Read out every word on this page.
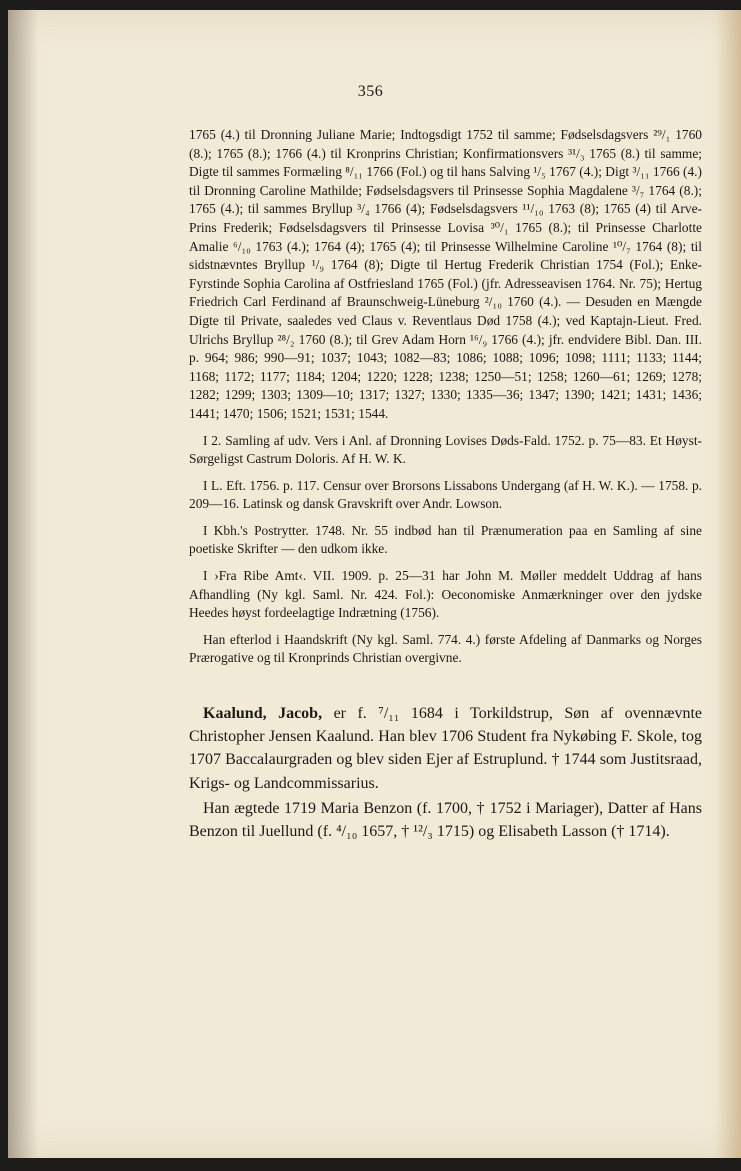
356

1765 (4.) til Dronning Juliane Marie; Indtogsdigt 1752 til samme; Fødselsdagsvers ²⁹/₁ 1760 (8.); 1765 (8.); 1766 (4.) til Kronprins Christian; Konfirmationsvers ³¹/₃ 1765 (8.) til samme; Digte til sammes Formæling ⁸/₁₁ 1766 (Fol.) og til hans Salving ¹/₅ 1767 (4.); Digt ³/₁₁ 1766 (4.) til Dronning Caroline Mathilde; Fødselsdagsvers til Prinsesse Sophia Magdalene ³/₇ 1764 (8.); 1765 (4.); til sammes Bryllup ³/₄ 1766 (4); Fødselsdagsvers ¹¹/₁₀ 1763 (8); 1765 (4) til Arve-Prins Frederik; Fødselsdagsvers til Prinsesse Lovisa ³⁰/₁ 1765 (8.); til Prinsesse Charlotte Amalie ⁶/₁₀ 1763 (4.); 1764 (4); 1765 (4); til Prinsesse Wilhelmine Caroline ¹⁰/₇ 1764 (8); til sidstnævntes Bryllup ¹/₉ 1764 (8); Digte til Hertug Frederik Christian 1754 (Fol.); Enke-Fyrstinde Sophia Carolina af Ostfriesland 1765 (Fol.) (jfr. Adresseavisen 1764. Nr. 75); Hertug Friedrich Carl Ferdinand af Braunschweig-Lüneburg ²/₁₀ 1760 (4.). — Desuden en Mængde Digte til Private, saaledes ved Claus v. Reventlaus Død 1758 (4.); ved Kaptajn-Lieut. Fred. Ulrichs Bryllup ²⁸/₂ 1760 (8.); til Grev Adam Horn ¹⁶/₉ 1766 (4.); jfr. endvidere Bibl. Dan. III. p. 964; 986; 990—91; 1037; 1043; 1082—83; 1086; 1088; 1096; 1098; 1111; 1133; 1144; 1168; 1172; 1177; 1184; 1204; 1220; 1228; 1238; 1250—51; 1258; 1260—61; 1269; 1278; 1282; 1299; 1303; 1309—10; 1317; 1327; 1330; 1335—36; 1347; 1390; 1421; 1431; 1436; 1441; 1470; 1506; 1521; 1531; 1544.

I 2. Samling af udv. Vers i Anl. af Dronning Lovises Døds-Fald. 1752. p. 75—83. Et Høyst-Sørgeligst Castrum Doloris. Af H. W. K.

I L. Eft. 1756. p. 117. Censur over Brorsons Lissabons Undergang (af H. W. K.). — 1758. p. 209—16. Latinsk og dansk Gravskrift over Andr. Lowson.

I Kbh.'s Postrytter. 1748. Nr. 55 indbød han til Prænumeration paa en Samling af sine poetiske Skrifter — den udkom ikke.

I ›Fra Ribe Amt‹. VII. 1909. p. 25—31 har John M. Møller meddelt Uddrag af hans Afhandling (Ny kgl. Saml. Nr. 424. Fol.): Oeconomiske Anmærkninger over den jydske Heedes høyst fordeelagtige Indrætning (1756).

Han efterlod i Haandskrift (Ny kgl. Saml. 774. 4.) første Afdeling af Danmarks og Norges Prærogative og til Kronprinds Christian overgivne.

Kaalund, Jacob, er f. ⁷/₁₁ 1684 i Torkildstrup, Søn af ovennævnte Christopher Jensen Kaalund. Han blev 1706 Student fra Nykøbing F. Skole, tog 1707 Baccalaurgraden og blev siden Ejer af Estruplund. † 1744 som Justitsraad, Krigs- og Landcommissarius.

Han ægtede 1719 Maria Benzon (f. 1700, † 1752 i Mariager), Datter af Hans Benzon til Juellund (f. ⁴/₁₀ 1657, † ¹²/₃ 1715) og Elisabeth Lasson († 1714).
